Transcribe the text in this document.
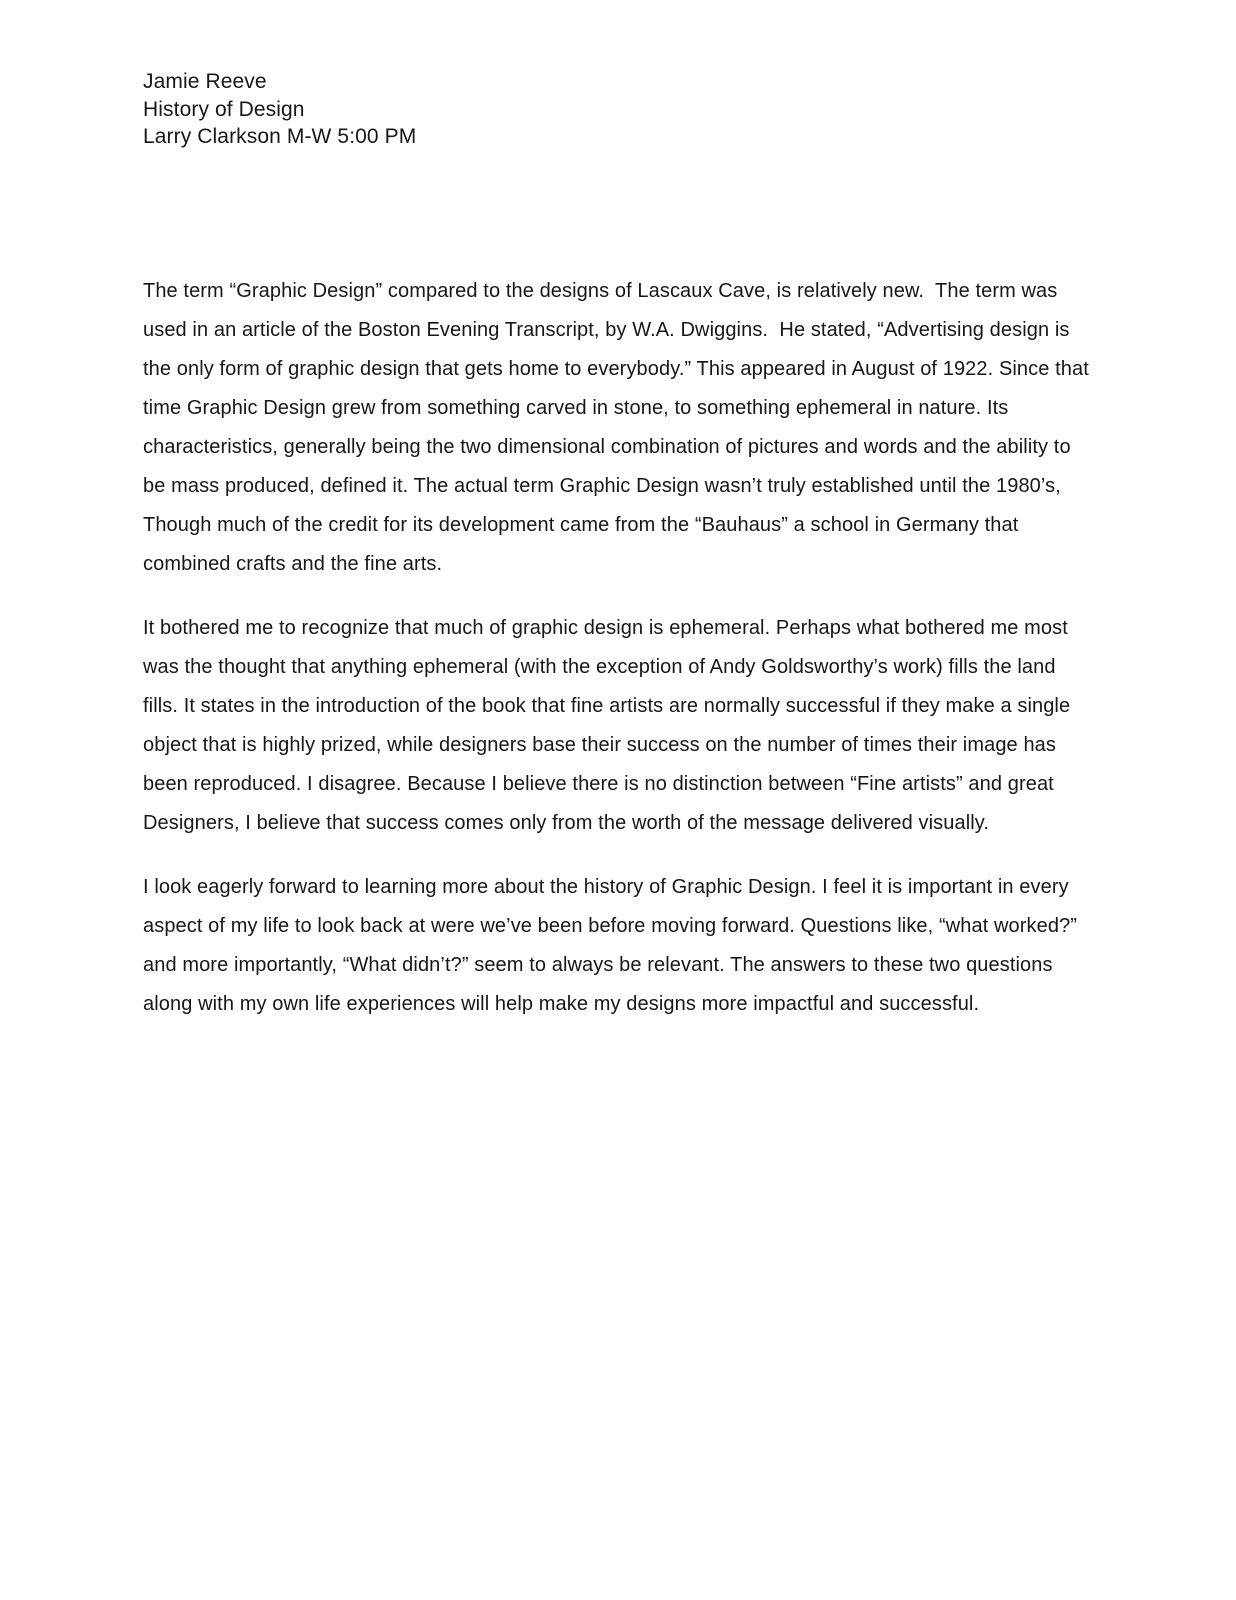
Jamie Reeve
History of Design
Larry Clarkson M-W 5:00 PM

The term “Graphic Design” compared to the designs of Lascaux Cave, is relatively new.  The term was used in an article of the Boston Evening Transcript, by W.A. Dwiggins.  He stated, “Advertising design is the only form of graphic design that gets home to everybody.” This appeared in August of 1922. Since that time Graphic Design grew from something carved in stone, to something ephemeral in nature. Its characteristics, generally being the two dimensional combination of pictures and words and the ability to be mass produced, defined it. The actual term Graphic Design wasn’t truly established until the 1980’s, Though much of the credit for its development came from the “Bauhaus” a school in Germany that combined crafts and the fine arts.

It bothered me to recognize that much of graphic design is ephemeral. Perhaps what bothered me most was the thought that anything ephemeral (with the exception of Andy Goldsworthy’s work) fills the land fills. It states in the introduction of the book that fine artists are normally successful if they make a single object that is highly prized, while designers base their success on the number of times their image has been reproduced. I disagree. Because I believe there is no distinction between “Fine artists” and great Designers, I believe that success comes only from the worth of the message delivered visually.

I look eagerly forward to learning more about the history of Graphic Design. I feel it is important in every aspect of my life to look back at were we’ve been before moving forward. Questions like, “what worked?” and more importantly, “What didn’t?” seem to always be relevant. The answers to these two questions along with my own life experiences will help make my designs more impactful and successful.
